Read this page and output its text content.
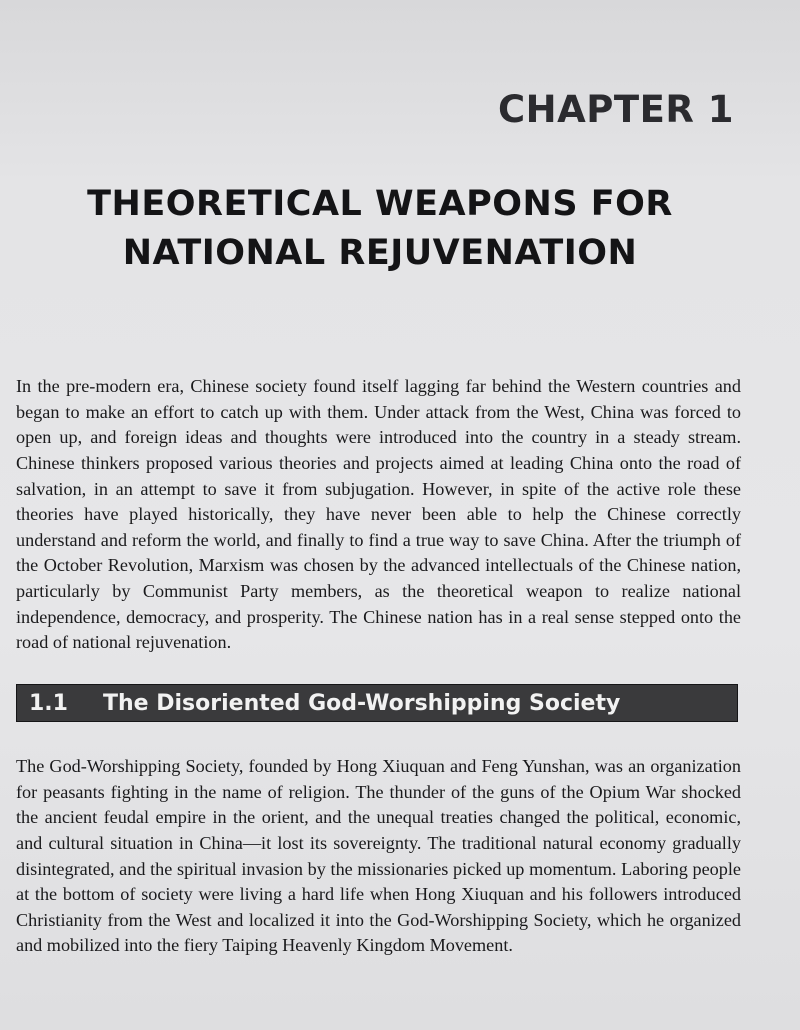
CHAPTER 1
THEORETICAL WEAPONS FOR
NATIONAL REJUVENATION

In the pre-modern era, Chinese society found itself lagging far behind the Western countries and began to make an effort to catch up with them. Under attack from the West, China was forced to open up, and foreign ideas and thoughts were introduced into the country in a steady stream. Chinese thinkers proposed various theories and projects aimed at leading China onto the road of salvation, in an attempt to save it from subjugation. However, in spite of the active role these theories have played historically, they have never been able to help the Chinese correctly understand and reform the world, and finally to find a true way to save China. After the triumph of the October Revolution, Marxism was chosen by the advanced intellectuals of the Chinese nation, particularly by Communist Party members, as the theoretical weapon to realize national independence, democracy, and prosperity. The Chinese nation has in a real sense stepped onto the road of national rejuvenation.

1.1	The Disoriented God-Worshipping Society

The God-Worshipping Society, founded by Hong Xiuquan and Feng Yunshan, was an organization for peasants fighting in the name of religion. The thunder of the guns of the Opium War shocked the ancient feudal empire in the orient, and the unequal treaties changed the political, economic, and cultural situation in China—it lost its sovereignty. The traditional natural economy gradually disintegrated, and the spiritual invasion by the missionaries picked up momentum. Laboring people at the bottom of society were living a hard life when Hong Xiuquan and his followers introduced Christianity from the West and localized it into the God-Worshipping Society, which he organized and mobilized into the fiery Taiping Heavenly Kingdom Movement.
